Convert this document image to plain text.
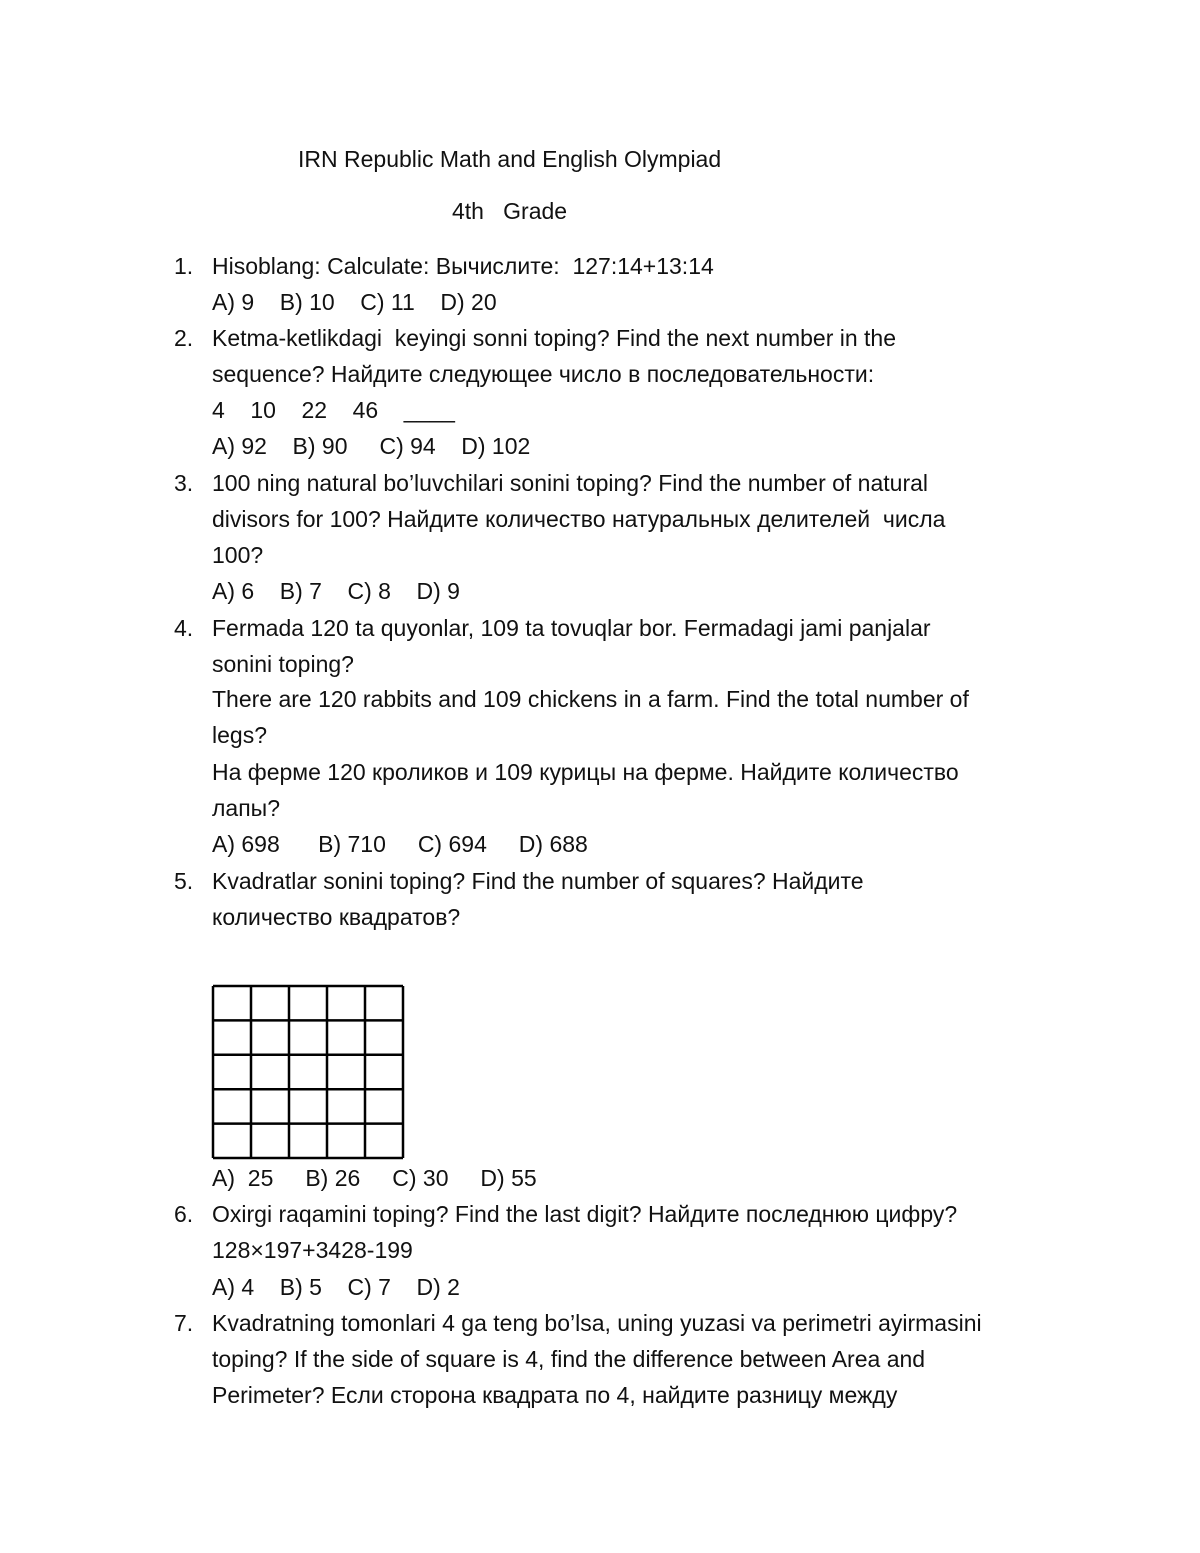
IRN Republic Math and English Olympiad
4th   Grade
1. Hisoblang: Calculate: Вычислите:  127:14+13:14
A) 9    B) 10    C) 11    D) 20
2. Ketma-ketlikdagi  keyingi sonni toping? Find the next number in the
sequence? Найдите следующее число в последовательности:
4    10    22    46    ____
A) 92    B) 90     C) 94    D) 102
3. 100 ning natural bo’luvchilari sonini toping? Find the number of natural
divisors for 100? Найдите количество натуральных делителей  числа
100?
A) 6    B) 7    C) 8    D) 9
4. Fermada 120 ta quyonlar, 109 ta tovuqlar bor. Fermadagi jami panjalar
sonini toping?
There are 120 rabbits and 109 chickens in a farm. Find the total number of
legs?
На ферме 120 кроликов и 109 курицы на ферме. Найдите количество
лапы?
A) 698      B) 710     C) 694     D) 688
5. Kvadratlar sonini toping? Find the number of squares? Найдите
количество квадратов?
A)  25     B) 26     C) 30     D) 55
6. Oxirgi raqamini toping? Find the last digit? Найдите последнюю цифру?
128×197+3428-199
A) 4    B) 5    C) 7    D) 2
7. Kvadratning tomonlari 4 ga teng bo’lsa, uning yuzasi va perimetri ayirmasini
toping? If the side of square is 4, find the difference between Area and
Perimeter? Если сторона квадрата по 4, найдите разницу между
